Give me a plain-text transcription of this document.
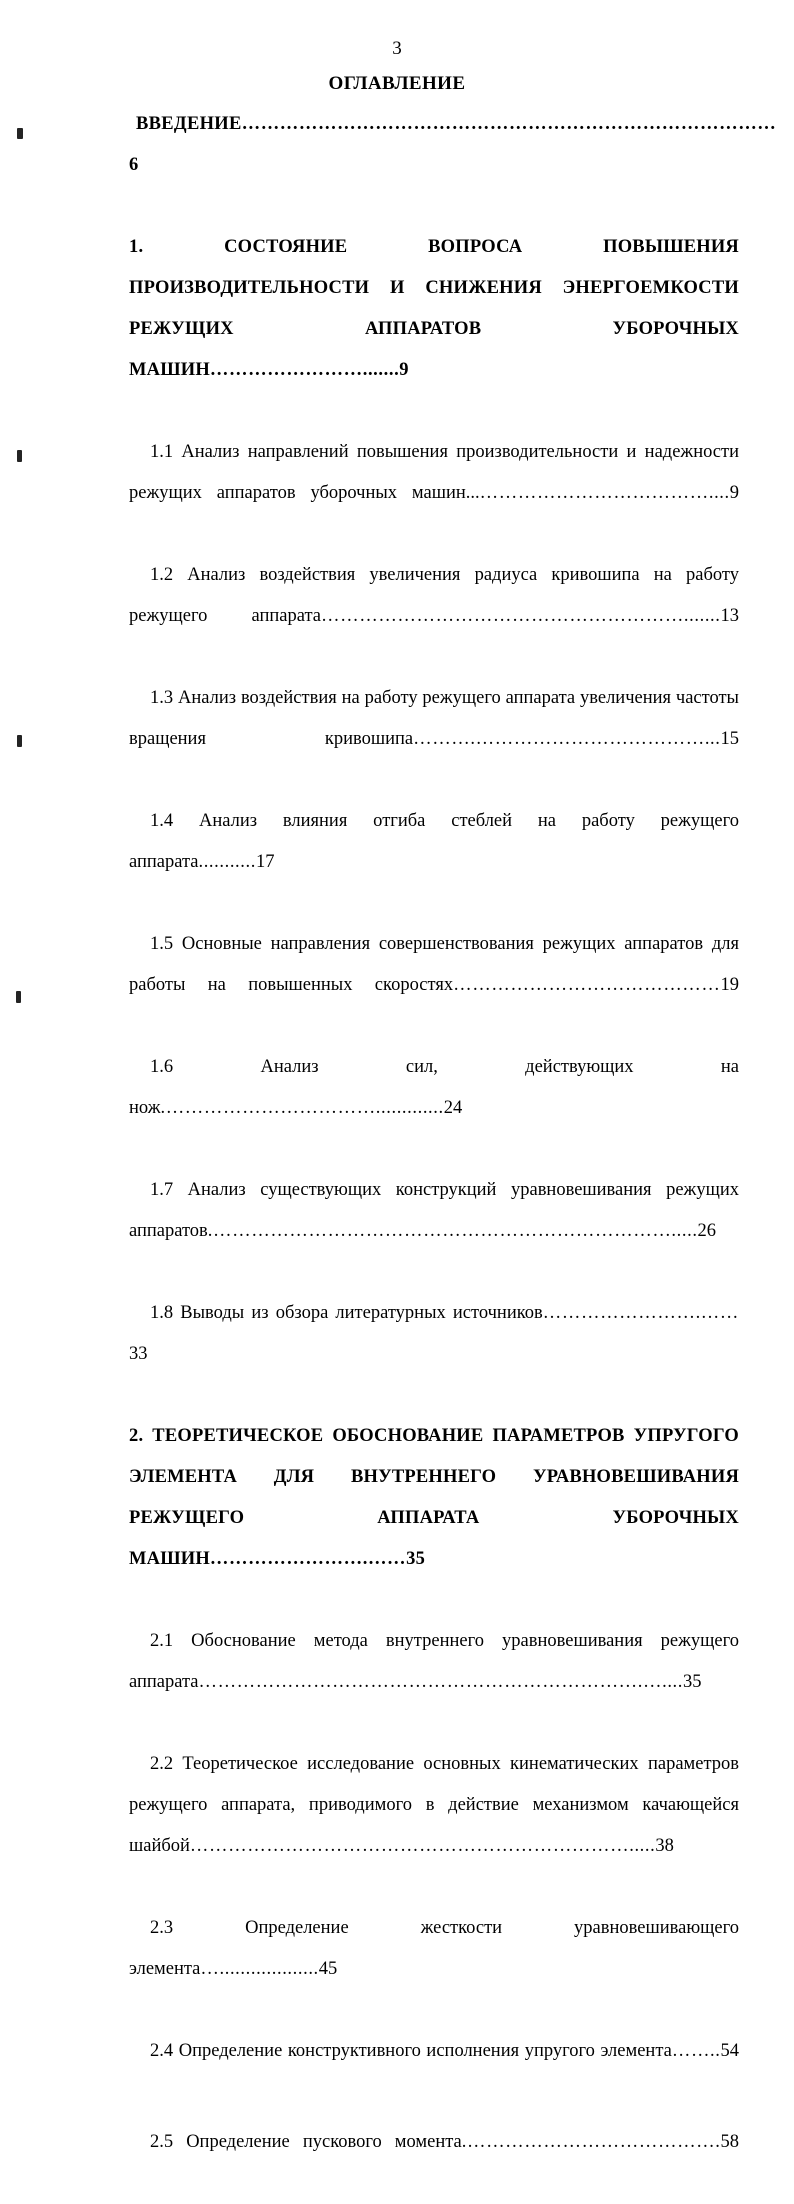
3
ОГЛАВЛЕНИЕ

ВВЕДЕНИЕ…………………………………………………………………………6

1. СОСТОЯНИЕ ВОПРОСА ПОВЫШЕНИЯ ПРОИЗВОДИТЕЛЬНОСТИ И СНИЖЕНИЯ ЭНЕРГОЕМКОСТИ РЕЖУЩИХ АППАРАТОВ УБОРОЧНЫХ МАШИН…………………….......9

1.1 Анализ направлений повышения производительности и надежности режущих аппаратов уборочных машин...………………………………....9

1.2 Анализ воздействия увеличения радиуса кривошипа на работу режущего аппарата………………………………………………….......13

1.3 Анализ воздействия на работу режущего аппарата увеличения частоты вращения кривошипа……….………………………………...15

1.4 Анализ влияния отгиба стеблей на работу режущего аппарата...........17

1.5 Основные направления совершенствования режущих аппаратов для работы на повышенных скоростях……………………………………19

1.6 Анализ сил, действующих на нож.…………………………….............24

1.7 Анализ существующих конструкций уравновешивания режущих аппаратов.……………………………………………………………….....26

1.8 Выводы из обзора литературных источников…………………….……33

2. ТЕОРЕТИЧЕСКОЕ ОБОСНОВАНИЕ ПАРАМЕТРОВ УПРУГОГО ЭЛЕМЕНТА ДЛЯ ВНУТРЕННЕГО УРАВНОВЕШИВАНИЯ РЕЖУЩЕГО АППАРАТА УБОРОЧНЫХ МАШИН…………………….……35

2.1 Обоснование метода внутреннего уравновешивания режущего аппарата…………………………………………………………….…....35

2.2 Теоретическое исследование основных кинематических параметров режущего аппарата, приводимого в действие механизмом качающейся шайбой…………………………………………………………….....38

2.3 Определение жесткости уравновешивающего элемента…...................45

2.4 Определение конструктивного исполнения упругого элемента……..54

2.5 Определение пускового момента.………………………………….58
